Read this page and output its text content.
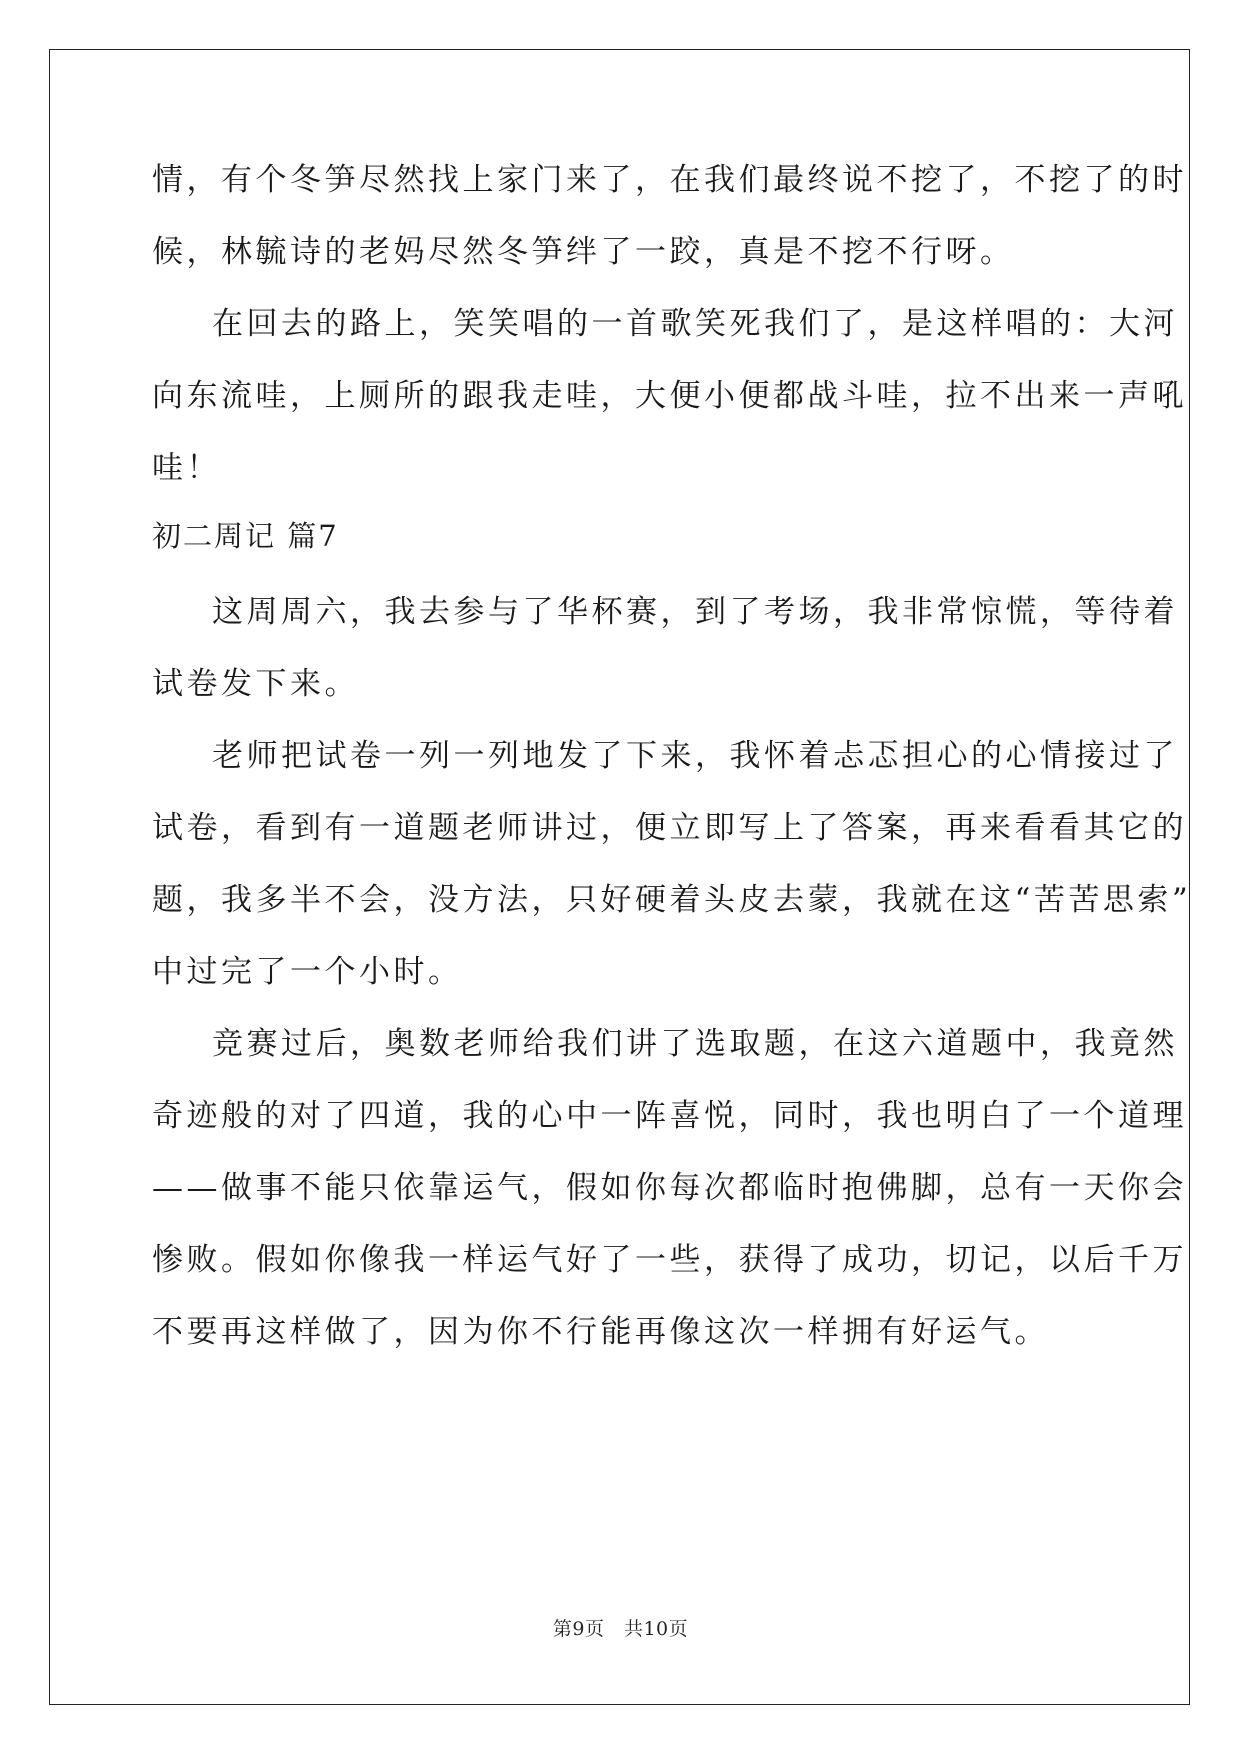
情，有个冬笋尽然找上家门来了，在我们最终说不挖了，不挖了的时
候，林毓诗的老妈尽然冬笋绊了一跤，真是不挖不行呀。
在回去的路上，笑笑唱的一首歌笑死我们了，是这样唱的：大河
向东流哇，上厕所的跟我走哇，大便小便都战斗哇，拉不出来一声吼
哇！
初二周记 篇7
这周周六，我去参与了华杯赛，到了考场，我非常惊慌，等待着
试卷发下来。
老师把试卷一列一列地发了下来，我怀着忐忑担心的心情接过了
试卷，看到有一道题老师讲过，便立即写上了答案，再来看看其它的
题，我多半不会，没方法，只好硬着头皮去蒙，我就在这“苦苦思索”
中过完了一个小时。
竞赛过后，奥数老师给我们讲了选取题，在这六道题中，我竟然
奇迹般的对了四道，我的心中一阵喜悦，同时，我也明白了一个道理
——做事不能只依靠运气，假如你每次都临时抱佛脚，总有一天你会
惨败。假如你像我一样运气好了一些，获得了成功，切记，以后千万
不要再这样做了，因为你不行能再像这次一样拥有好运气。
第9页　共10页
